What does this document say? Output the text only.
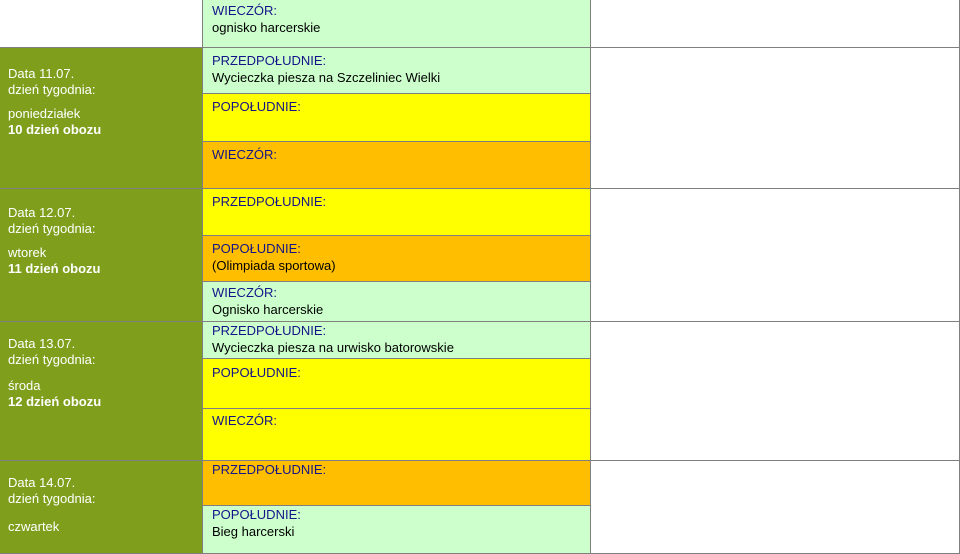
WIECZÓR:
ognisko harcerskie
Data 11.07.
dzień tygodnia:
poniedziałek
10 dzień obozu
PRZEDPOŁUDNIE:
Wycieczka piesza na Szczeliniec Wielki
POPOŁUDNIE:
WIECZÓR:
Data 12.07.
dzień tygodnia:
wtorek
11 dzień obozu
PRZEDPOŁUDNIE:
POPOŁUDNIE:
(Olimpiada sportowa)
WIECZÓR:
Ognisko harcerskie
Data 13.07.
dzień tygodnia:
środa
12 dzień obozu
PRZEDPOŁUDNIE:
Wycieczka piesza na urwisko batorowskie
POPOŁUDNIE:
WIECZÓR:
Data 14.07.
dzień tygodnia:
czwartek
PRZEDPOŁUDNIE:
POPOŁUDNIE:
Bieg harcerski
